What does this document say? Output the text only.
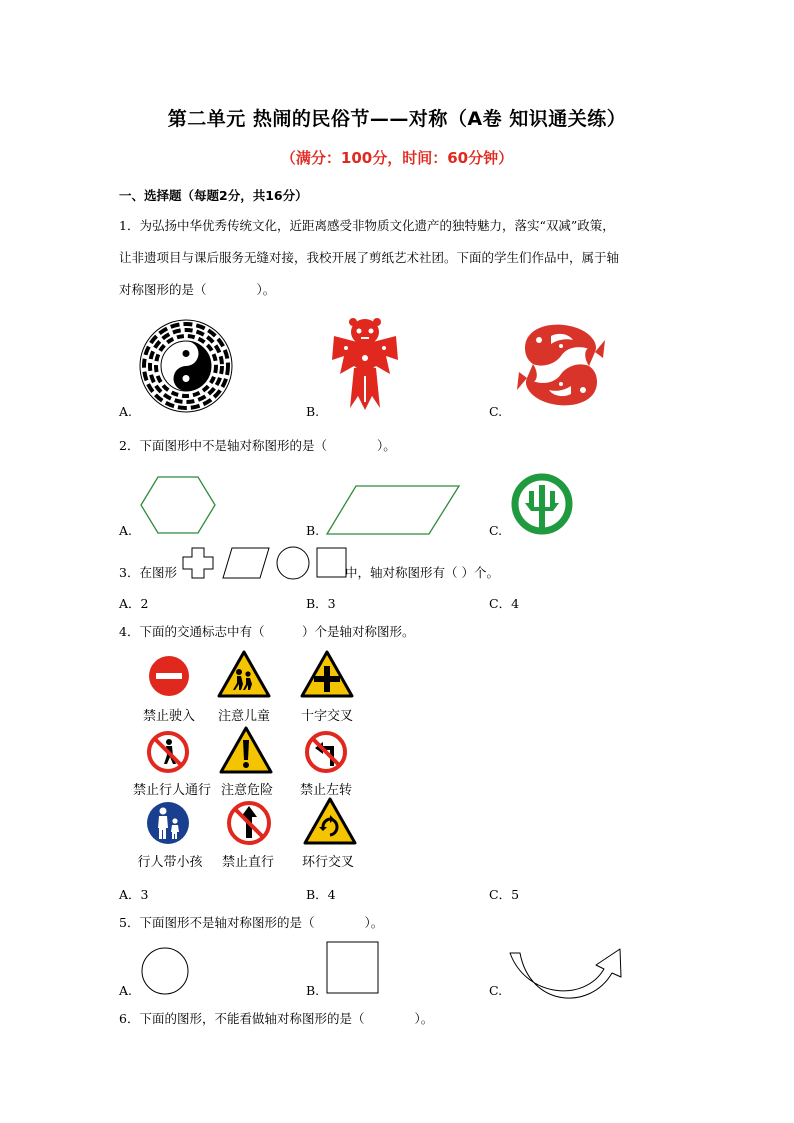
第二单元 热闹的民俗节——对称（A卷 知识通关练）
（满分：100分，时间：60分钟）
一、选择题（每题2分，共16分）
1．为弘扬中华优秀传统文化，近距离感受非物质文化遗产的独特魅力，落实“双减”政策，
让非遗项目与课后服务无缝对接，我校开展了剪纸艺术社团。下面的学生们作品中，属于轴
对称图形的是（　　　　）。
A.	B.	C.
2．下面图形中不是轴对称图形的是（　　　　）。
A.	B.	C.
3．在图形	中，轴对称图形有（ ）个。
A．2	B．3	C．4
4．下面的交通标志中有（　　　）个是轴对称图形。
禁止驶入	注意儿童	十字交叉
禁止行人通行 注意危险	禁止左转
行人带小孩	禁止直行	环行交叉
A．3	B．4	C．5
5．下面图形不是轴对称图形的是（　　　　）。
A.	B.	C.
6．下面的图形，不能看做轴对称图形的是（　　　　）。
